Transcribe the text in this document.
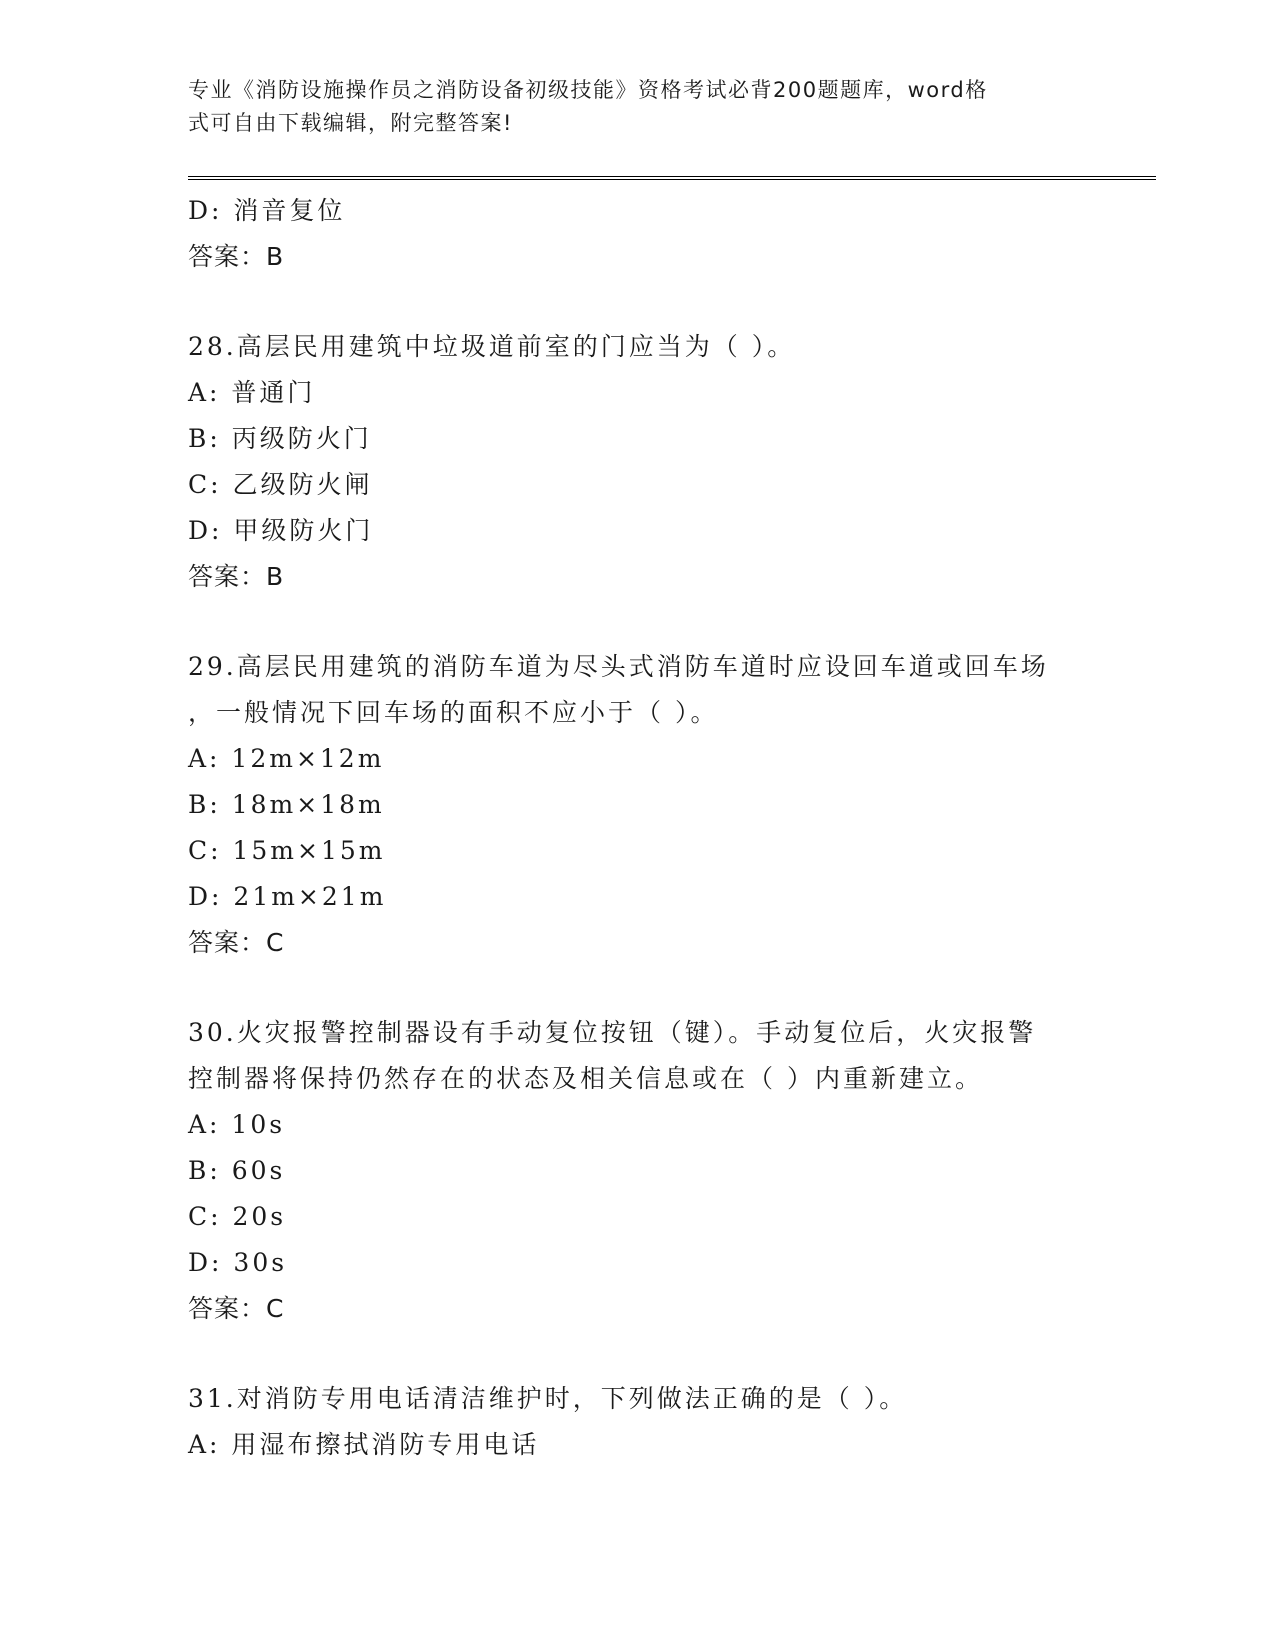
专业《消防设施操作员之消防设备初级技能》资格考试必背200题题库，word格
式可自由下载编辑，附完整答案!
D: 消音复位
答案：B
28.高层民用建筑中垃圾道前室的门应当为（ ）。
A: 普通门
B: 丙级防火门
C: 乙级防火闸
D: 甲级防火门
答案：B
29.高层民用建筑的消防车道为尽头式消防车道时应设回车道或回车场
，一般情况下回车场的面积不应小于（ ）。
A: 12m×12m
B: 18m×18m
C: 15m×15m
D: 21m×21m
答案：C
30.火灾报警控制器设有手动复位按钮（键）。手动复位后，火灾报警
控制器将保持仍然存在的状态及相关信息或在（ ）内重新建立。
A: 10s
B: 60s
C: 20s
D: 30s
答案：C
31.对消防专用电话清洁维护时，下列做法正确的是（ ）。
A: 用湿布擦拭消防专用电话
